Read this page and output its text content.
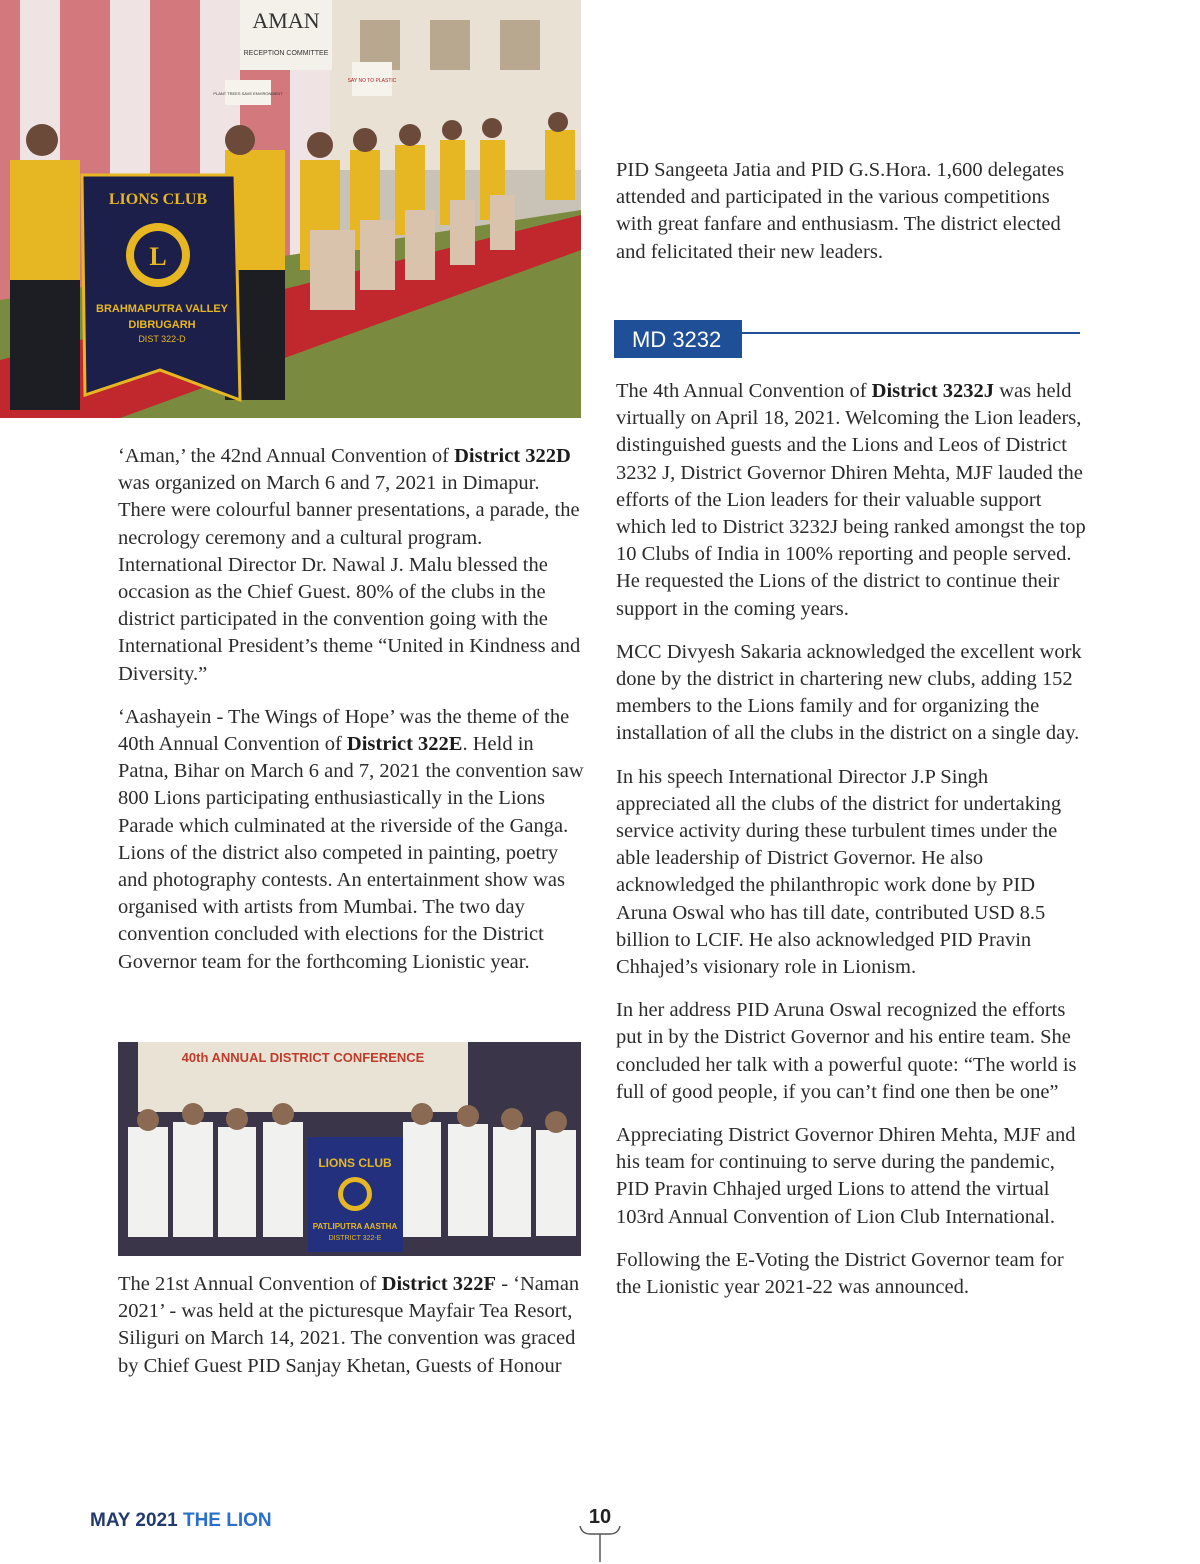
AMAN
RECEPTION COMMITTEE
SAY NO TO PLASTIC
PLANT TREES SAVE ENVIRONMENT
L
LIONS CLUB
BRAHMAPUTRA VALLEY
DIBRUGARH
DIST 322-D

‘Aman,’ the 42nd Annual Convention of District 322D was organized on March 6 and 7, 2021 in Dimapur. There were colourful banner presentations, a parade, the necrology ceremony and a cultural program. International Director Dr. Nawal J. Malu blessed the occasion as the Chief Guest. 80% of the clubs in the district participated in the convention going with the International President’s theme “United in Kindness and Diversity.”

‘Aashayein - The Wings of Hope’ was the theme of the 40th Annual Convention of District 322E. Held in Patna, Bihar on March 6 and 7, 2021 the convention saw 800 Lions participating enthusiastically in the Lions Parade which culminated at the riverside of the Ganga. Lions of the district also competed in painting, poetry and photography contests. An entertainment show was organised with artists from Mumbai. The two day convention concluded with elections for the District Governor team for the forthcoming Lionistic year.

40th ANNUAL DISTRICT CONFERENCE
LIONS CLUB
PATLIPUTRA AASTHA
DISTRICT 322-E

The 21st Annual Convention of District 322F - ‘Naman 2021’ - was held at the picturesque Mayfair Tea Resort, Siliguri on March 14, 2021. The convention was graced by Chief Guest PID Sanjay Khetan, Guests of Honour

PID Sangeeta Jatia and PID G.S.Hora. 1,600 delegates attended and participated in the various competitions with great fanfare and enthusiasm. The district elected and felicitated their new leaders.

MD 3232

The 4th Annual Convention of District 3232J was held virtually on April 18, 2021. Welcoming the Lion leaders, distinguished guests and the Lions and Leos of District 3232 J, District Governor Dhiren Mehta, MJF lauded the efforts of the Lion leaders for their valuable support which led to District 3232J being ranked amongst the top 10 Clubs of India in 100% reporting and people served. He requested the Lions of the district to continue their support in the coming years.

MCC Divyesh Sakaria acknowledged the excellent work done by the district in chartering new clubs, adding 152 members to the Lions family and for organizing the installation of all the clubs in the district on a single day.

In his speech International Director J.P Singh appreciated all the clubs of the district for undertaking service activity during these turbulent times under the able leadership of District Governor. He also acknowledged the philanthropic work done by PID Aruna Oswal who has till date, contributed USD 8.5 billion to LCIF. He also acknowledged PID Pravin Chhajed’s visionary role in Lionism.

In her address PID Aruna Oswal recognized the efforts put in by the District Governor and his entire team. She concluded her talk with a powerful quote: “The world is full of good people, if you can’t find one then be one”

Appreciating District Governor Dhiren Mehta, MJF and his team for continuing to serve during the pandemic, PID Pravin Chhajed urged Lions to attend the virtual 103rd Annual Convention of Lion Club International.

Following the E-Voting the District Governor team for the Lionistic year 2021-22 was announced.

MAY 2021 THE LION	10
